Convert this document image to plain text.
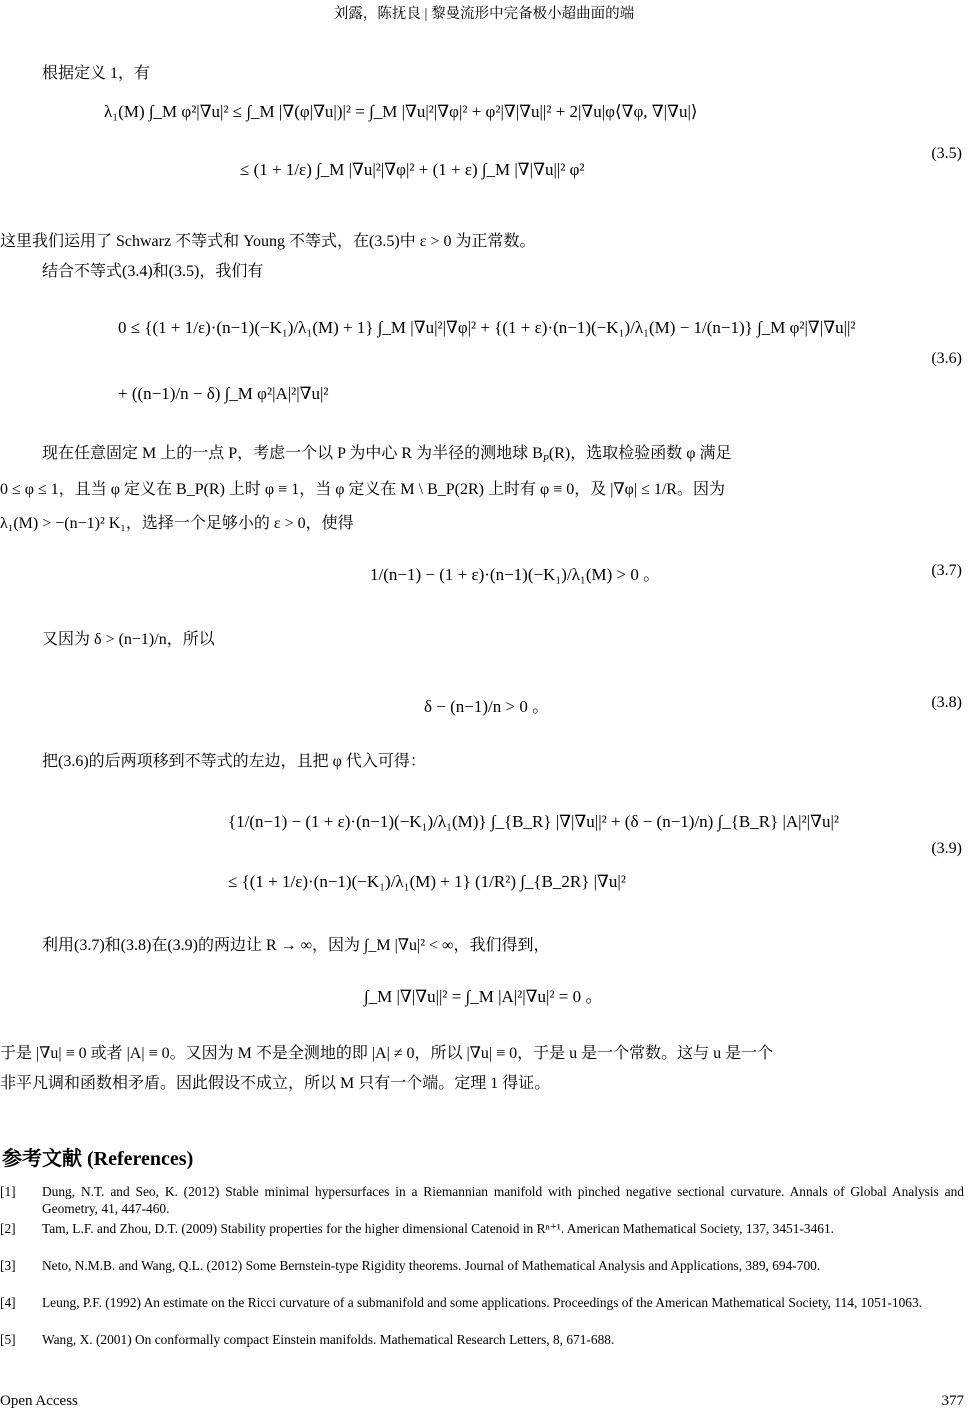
刘露，陈抚良 | 黎曼流形中完备极小超曲面的端
根据定义 1，有
λ₁(M) ∫_M φ²|∇u|² ≤ ∫_M |∇(φ|∇u|)|² = ∫_M |∇u|²|∇φ|² + φ²|∇|∇u||² + 2|∇u|φ⟨∇φ, ∇|∇u|⟩
≤ (1 + 1/ε) ∫_M |∇u|²|∇φ|² + (1 + ε) ∫_M |∇|∇u||² φ²
(3.5)
这里我们运用了 Schwarz 不等式和 Young 不等式，在(3.5)中 ε > 0 为正常数。
结合不等式(3.4)和(3.5)，我们有
0 ≤ {(1 + 1/ε)·(n−1)(−K₁)/λ₁(M) + 1} ∫_M |∇u|²|∇φ|² + {(1 + ε)·(n−1)(−K₁)/λ₁(M) − 1/(n−1)} ∫_M φ²|∇|∇u||²
+ ((n−1)/n − δ) ∫_M φ²|A|²|∇u|²
(3.6)
现在任意固定 M 上的一点 P，考虑一个以 P 为中心 R 为半径的测地球 $B_P(R)$，选取检验函数 φ 满足
0 ≤ φ ≤ 1，且当 φ 定义在 B_P(R) 上时 φ ≡ 1，当 φ 定义在 M \ B_P(2R) 上时有 φ ≡ 0，及 |∇φ| ≤ 1/R。因为
λ₁(M) > −(n−1)² K₁，选择一个足够小的 ε > 0，使得
1/(n−1) − (1 + ε)·(n−1)(−K₁)/λ₁(M) > 0 。	(3.7)
又因为 δ > (n−1)/n，所以
δ − (n−1)/n > 0 。	(3.8)
把(3.6)的后两项移到不等式的左边，且把 φ 代入可得：
{1/(n−1) − (1 + ε)·(n−1)(−K₁)/λ₁(M)} ∫_{B_R} |∇|∇u||² + (δ − (n−1)/n) ∫_{B_R} |A|²|∇u|²
≤ {(1 + 1/ε)·(n−1)(−K₁)/λ₁(M) + 1} (1/R²) ∫_{B_2R} |∇u|²
(3.9)
利用(3.7)和(3.8)在(3.9)的两边让 R → ∞，因为 ∫_M |∇u|² < ∞，我们得到，
∫_M |∇|∇u||² = ∫_M |A|²|∇u|² = 0 。
于是 |∇u| ≡ 0 或者 |A| ≡ 0。又因为 M 不是全测地的即 |A| ≠ 0，所以 |∇u| ≡ 0，于是 u 是一个常数。这与 u 是一个
非平凡调和函数相矛盾。因此假设不成立，所以 M 只有一个端。定理 1 得证。
参考文献 (References)
[1] Dung, N.T. and Seo, K. (2012) Stable minimal hypersurfaces in a Riemannian manifold with pinched negative sectional curvature. Annals of Global Analysis and Geometry, 41, 447-460.
[2] Tam, L.F. and Zhou, D.T. (2009) Stability properties for the higher dimensional Catenoid in Rⁿ⁺¹. American Mathematical Society, 137, 3451-3461.
[3] Neto, N.M.B. and Wang, Q.L. (2012) Some Bernstein-type Rigidity theorems. Journal of Mathematical Analysis and Applications, 389, 694-700.
[4] Leung, P.F. (1992) An estimate on the Ricci curvature of a submanifold and some applications. Proceedings of the American Mathematical Society, 114, 1051-1063.
[5] Wang, X. (2001) On conformally compact Einstein manifolds. Mathematical Research Letters, 8, 671-688.
Open Access	377
